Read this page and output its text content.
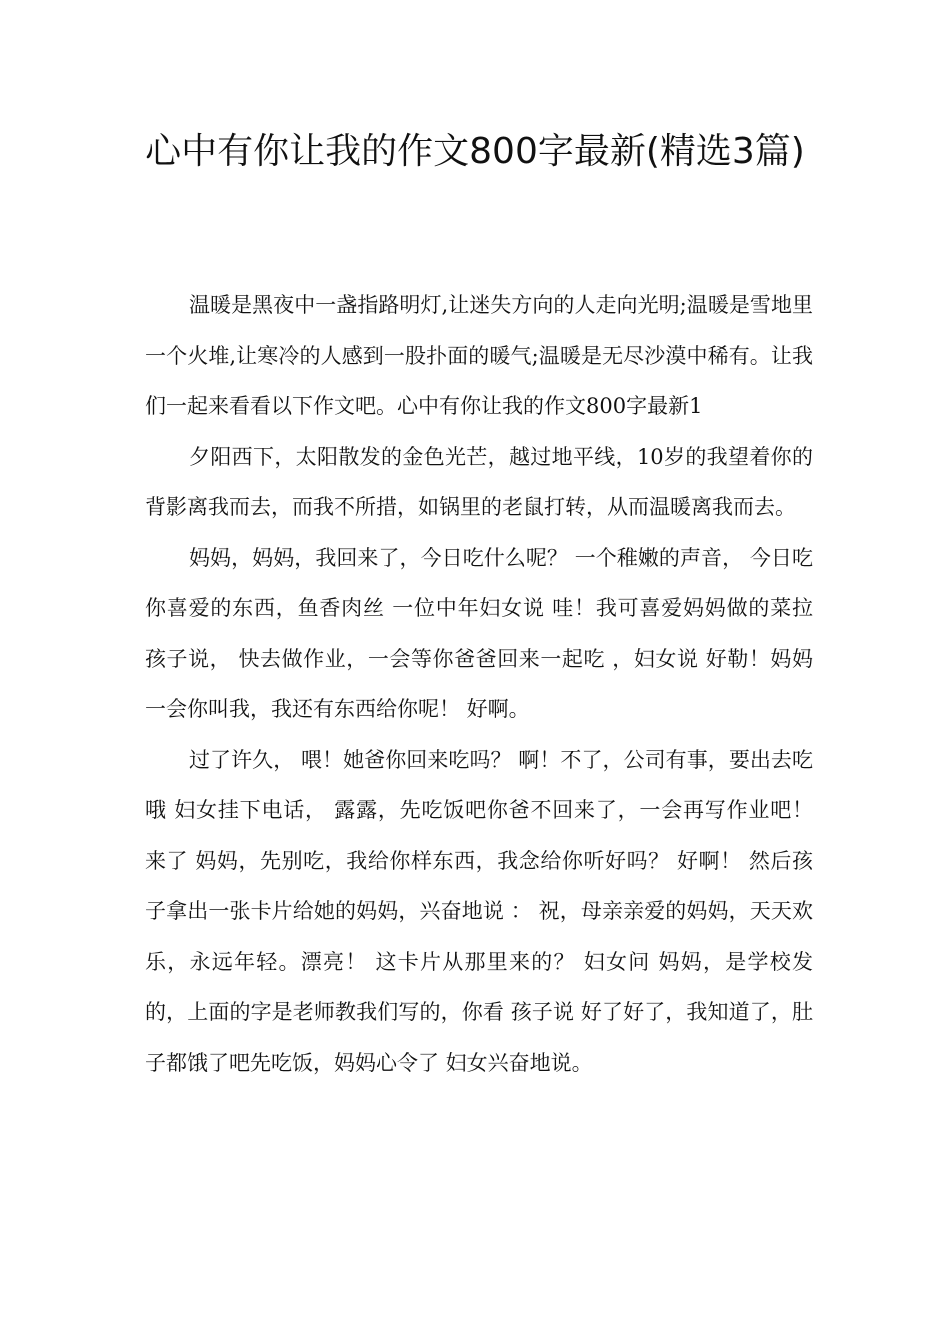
心中有你让我的作文800字最新(精选3篇)

温暖是黑夜中一盏指路明灯,让迷失方向的人走向光明;温暖是雪地里一个火堆,让寒冷的人感到一股扑面的暖气;温暖是无尽沙漠中稀有。让我们一起来看看以下作文吧。心中有你让我的作文800字最新1

夕阳西下，太阳散发的金色光芒，越过地平线，10岁的我望着你的背影离我而去，而我不所措，如锅里的老鼠打转，从而温暖离我而去。

妈妈，妈妈，我回来了，今日吃什么呢？ 一个稚嫩的声音， 今日吃你喜爱的东西，鱼香肉丝 一位中年妇女说 哇！我可喜爱妈妈做的菜拉 孩子说， 快去做作业，一会等你爸爸回来一起吃 ，妇女说 好勒！妈妈一会你叫我，我还有东西给你呢！ 好啊。

过了许久， 喂！她爸你回来吃吗？ 啊！不了，公司有事，要出去吃 哦 妇女挂下电话， 露露，先吃饭吧你爸不回来了，一会再写作业吧！ 来了 妈妈，先别吃，我给你样东西，我念给你听好吗？ 好啊！ 然后孩子拿出一张卡片给她的妈妈，兴奋地说 ： 祝，母亲亲爱的妈妈，天天欢乐，永远年轻。漂亮！ 这卡片从那里来的？ 妇女问 妈妈，是学校发的，上面的字是老师教我们写的，你看 孩子说 好了好了，我知道了，肚子都饿了吧先吃饭，妈妈心令了 妇女兴奋地说。
